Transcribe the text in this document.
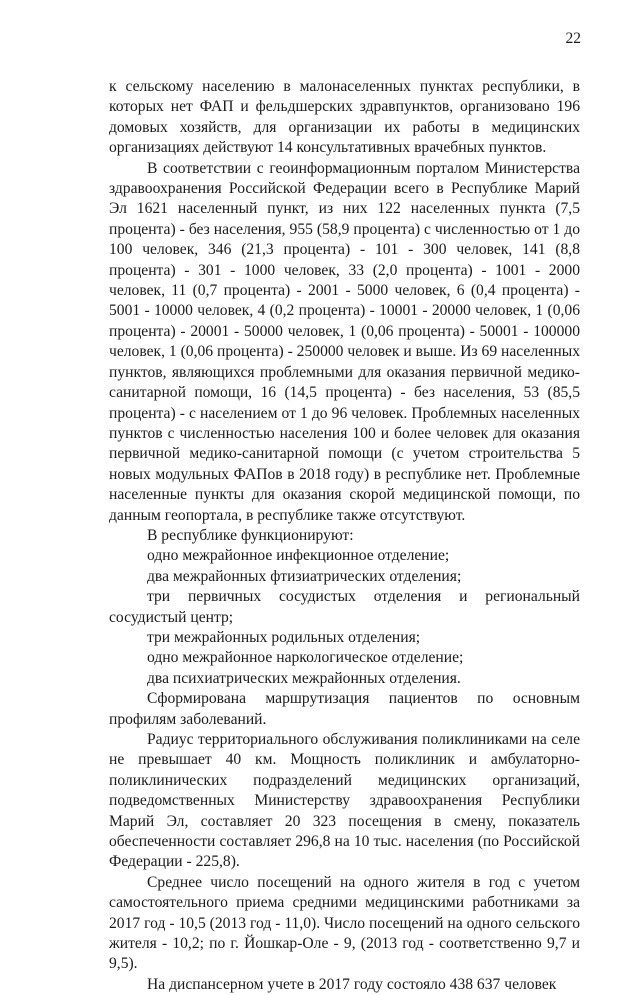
22

к сельскому населению в малонаселенных пунктах республики, в которых нет ФАП и фельдшерских здравпунктов, организовано 196 домовых хозяйств, для организации их работы в медицинских организациях действуют 14 консультативных врачебных пунктов.

В соответствии с геоинформационным порталом Министерства здравоохранения Российской Федерации всего в Республике Марий Эл 1621 населенный пункт, из них 122 населенных пункта (7,5 процента) - без населения, 955 (58,9 процента) с численностью от 1 до 100 человек, 346 (21,3 процента) - 101 - 300 человек, 141 (8,8 процента) - 301 - 1000 человек, 33 (2,0 процента) - 1001 - 2000 человек, 11 (0,7 процента) - 2001 - 5000 человек, 6 (0,4 процента) - 5001 - 10000 человек, 4 (0,2 процента) - 10001 - 20000 человек, 1 (0,06 процента) - 20001 - 50000 человек, 1 (0,06 процента) - 50001 - 100000 человек, 1 (0,06 процента) - 250000 человек и выше. Из 69 населенных пунктов, являющихся проблемными для оказания первичной медико-санитарной помощи, 16 (14,5 процента) - без населения, 53 (85,5 процента) - с населением от 1 до 96 человек. Проблемных населенных пунктов с численностью населения 100 и более человек для оказания первичной медико-санитарной помощи (с учетом строительства 5 новых модульных ФАПов в 2018 году) в республике нет. Проблемные населенные пункты для оказания скорой медицинской помощи, по данным геопортала, в республике также отсутствуют.

В республике функционируют:

одно межрайонное инфекционное отделение;

два межрайонных фтизиатрических отделения;

три первичных сосудистых отделения и региональный сосудистый центр;

три межрайонных родильных отделения;

одно межрайонное наркологическое отделение;

два психиатрических межрайонных отделения.

Сформирована маршрутизация пациентов по основным профилям заболеваний.

Радиус территориального обслуживания поликлиниками на селе не превышает 40 км. Мощность поликлиник и амбулаторно-поликлинических подразделений медицинских организаций, подведомственных Министерству здравоохранения Республики Марий Эл, составляет 20 323 посещения в смену, показатель обеспеченности составляет 296,8 на 10 тыс. населения (по Российской Федерации - 225,8).

Среднее число посещений на одного жителя в год с учетом самостоятельного приема средними медицинскими работниками за 2017 год - 10,5 (2013 год - 11,0). Число посещений на одного сельского жителя - 10,2; по г. Йошкар-Оле - 9, (2013 год - соответственно 9,7 и 9,5).

На диспансерном учете в 2017 году состояло 438 637 человек
